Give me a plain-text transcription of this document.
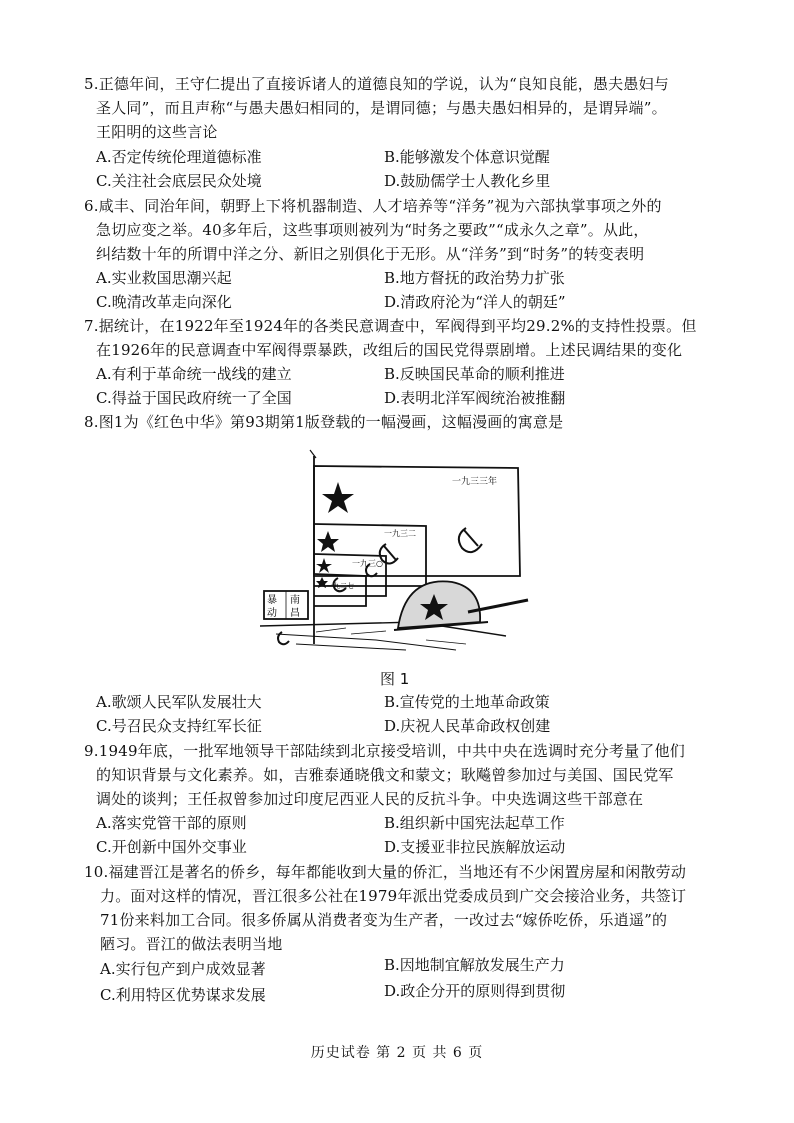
5.正德年间，王守仁提出了直接诉诸人的道德良知的学说，认为“良知良能，愚夫愚妇与
圣人同”，而且声称“与愚夫愚妇相同的，是谓同德；与愚夫愚妇相异的，是谓异端”。
王阳明的这些言论
A.否定传统伦理道德标准	B.能够激发个体意识觉醒
C.关注社会底层民众处境	D.鼓励儒学士人教化乡里
6.咸丰、同治年间，朝野上下将机器制造、人才培养等“洋务”视为六部执掌事项之外的
急切应变之举。40多年后，这些事项则被列为“时务之要政”“成永久之章”。从此，
纠结数十年的所谓中洋之分、新旧之别俱化于无形。从“洋务”到“时务”的转变表明
A.实业救国思潮兴起	B.地方督抚的政治势力扩张
C.晚清改革走向深化	D.清政府沦为“洋人的朝廷”
7.据统计，在1922年至1924年的各类民意调查中，军阀得到平均29.2%的支持性投票。但
在1926年的民意调查中军阀得票暴跌，改组后的国民党得票剧增。上述民调结果的变化
A.有利于革命统一战线的建立	B.反映国民革命的顺利推进
C.得益于国民政府统一了全国	D.表明北洋军阀统治被推翻
8.图1为《红色中华》第93期第1版登载的一幅漫画，这幅漫画的寓意是
一九三三年
一九三二
一九三○
一九二七
暴 南
动 昌
图 1
A.歌颂人民军队发展壮大	B.宣传党的土地革命政策
C.号召民众支持红军长征	D.庆祝人民革命政权创建
9.1949年底，一批军地领导干部陆续到北京接受培训，中共中央在选调时充分考量了他们
的知识背景与文化素养。如，吉雅泰通晓俄文和蒙文；耿飚曾参加过与美国、国民党军
调处的谈判；王任叔曾参加过印度尼西亚人民的反抗斗争。中央选调这些干部意在
A.落实党管干部的原则	B.组织新中国宪法起草工作
C.开创新中国外交事业	D.支援亚非拉民族解放运动
10.福建晋江是著名的侨乡，每年都能收到大量的侨汇，当地还有不少闲置房屋和闲散劳动
力。面对这样的情况，晋江很多公社在1979年派出党委成员到广交会接洽业务，共签订
71份来料加工合同。很多侨属从消费者变为生产者，一改过去“嫁侨吃侨，乐逍遥”的
陋习。晋江的做法表明当地
A.实行包产到户成效显著	B.因地制宜解放发展生产力
C.利用特区优势谋求发展	D.政企分开的原则得到贯彻
历史试卷 第 2 页 共 6 页
